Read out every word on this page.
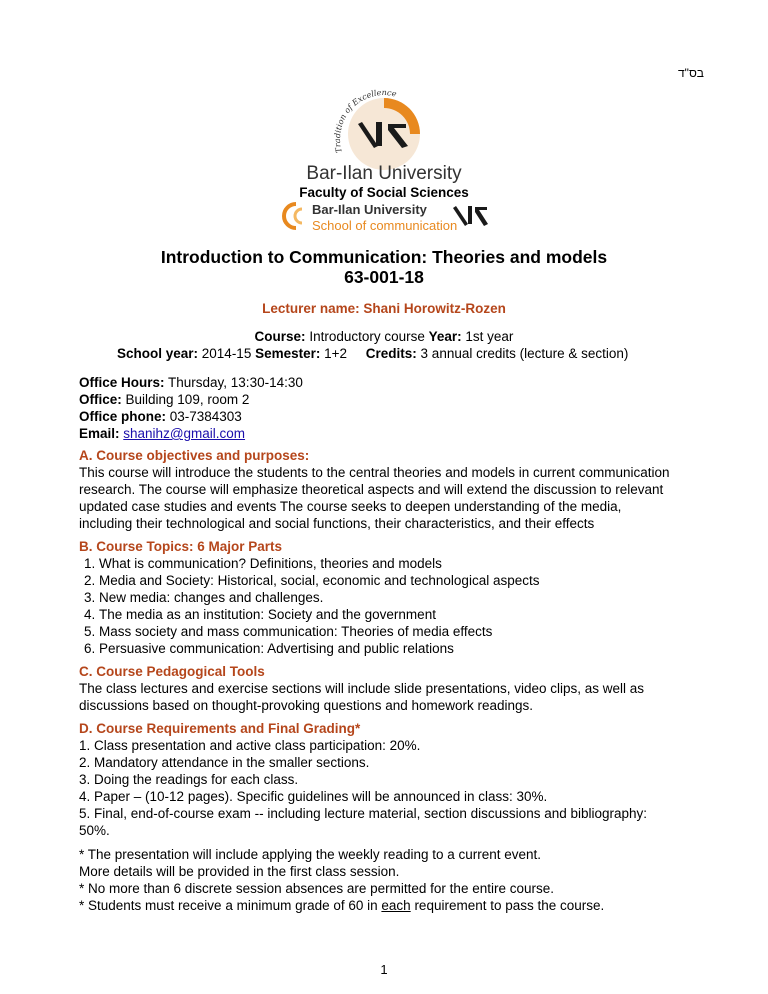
בס"ד
Tradition of Excellence
Bar-Ilan University
Faculty of Social Sciences
Bar-Ilan University
School of communication
Introduction to Communication: Theories and models
63-001-18
Lecturer name: Shani Horowitz-Rozen
Course: Introductory course Year: 1st year
School year: 2014-15 Semester: 1+2     Credits: 3 annual credits (lecture & section)
Office Hours: Thursday, 13:30-14:30
Office: Building 109, room 2
Office phone: 03-7384303
Email: shanihz@gmail.com
A. Course objectives and purposes:
This course will introduce the students to the central theories and models in current communication
research. The course will emphasize theoretical aspects and will extend the discussion to relevant
updated case studies and events The course seeks to deepen understanding of the media,
including their technological and social functions, their characteristics, and their effects
B. Course Topics: 6 Major Parts
1. What is communication? Definitions, theories and models
2. Media and Society: Historical, social, economic and technological aspects
3. New media: changes and challenges.
4. The media as an institution: Society and the government
5. Mass society and mass communication: Theories of media effects
6. Persuasive communication: Advertising and public relations
C. Course Pedagogical Tools
The class lectures and exercise sections will include slide presentations, video clips, as well as
discussions based on thought-provoking questions and homework readings.
D. Course Requirements and Final Grading*
1. Class presentation and active class participation: 20%.
2. Mandatory attendance in the smaller sections.
3. Doing the readings for each class.
4. Paper – (10-12 pages). Specific guidelines will be announced in class: 30%.
5. Final, end-of-course exam -- including lecture material, section discussions and bibliography:
50%.
* The presentation will include applying the weekly reading to a current event.
More details will be provided in the first class session.
* No more than 6 discrete session absences are permitted for the entire course.
* Students must receive a minimum grade of 60 in each requirement to pass the course.
1
